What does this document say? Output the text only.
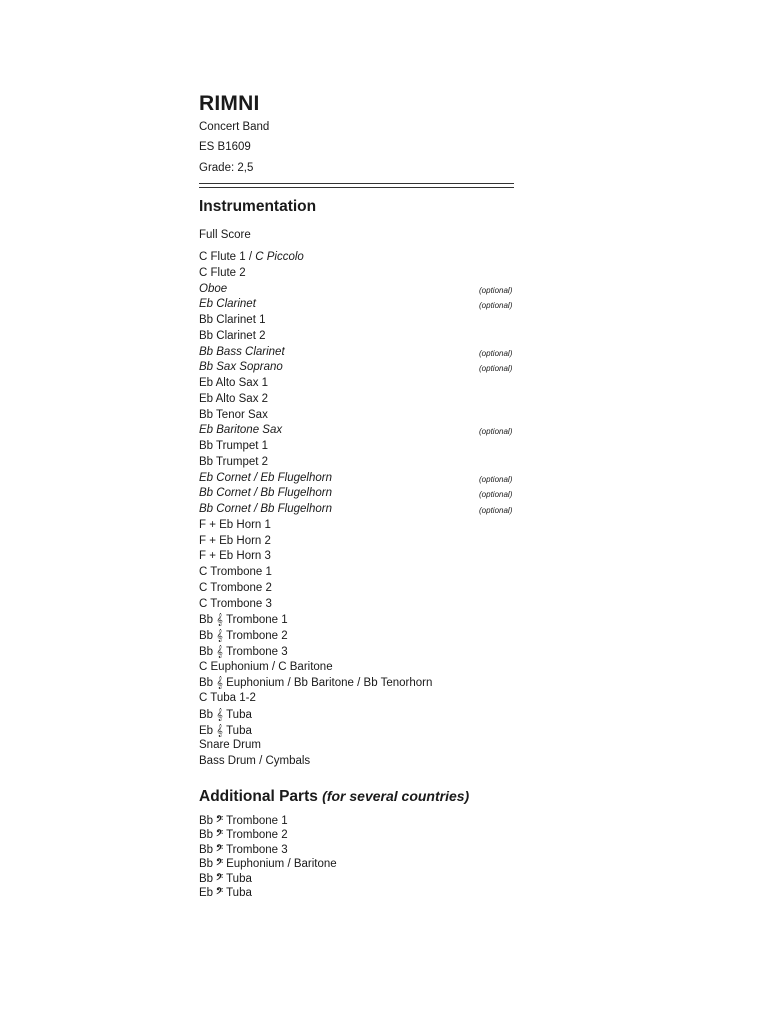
RIMNI

Concert Band

ES B1609

Grade: 2,5

Instrumentation

Full Score

C Flute 1 / C Piccolo
C Flute 2
Oboe	(optional)
Eb Clarinet	(optional)
Bb Clarinet 1
Bb Clarinet 2
Bb Bass Clarinet	(optional)
Bb Sax Soprano	(optional)
Eb Alto Sax 1
Eb Alto Sax 2
Bb Tenor Sax
Eb Baritone Sax	(optional)
Bb Trumpet 1
Bb Trumpet 2
Eb Cornet / Eb Flugelhorn	(optional)
Bb Cornet / Bb Flugelhorn	(optional)
Bb Cornet / Bb Flugelhorn	(optional)
F + Eb Horn 1
F + Eb Horn 2
F + Eb Horn 3
C Trombone 1
C Trombone 2
C Trombone 3
Bb 𝄞 Trombone 1
Bb 𝄞 Trombone 2
Bb 𝄞 Trombone 3
C Euphonium / C Baritone
Bb 𝄞 Euphonium / Bb Baritone / Bb Tenorhorn
C Tuba 1-2
Bb 𝄞 Tuba
Eb 𝄞 Tuba
Snare Drum
Bass Drum / Cymbals
Additional Parts (for several countries)
Bb 𝄢 Trombone 1
Bb 𝄢 Trombone 2
Bb 𝄢 Trombone 3
Bb 𝄢 Euphonium / Baritone
Bb 𝄢 Tuba
Eb 𝄢 Tuba
